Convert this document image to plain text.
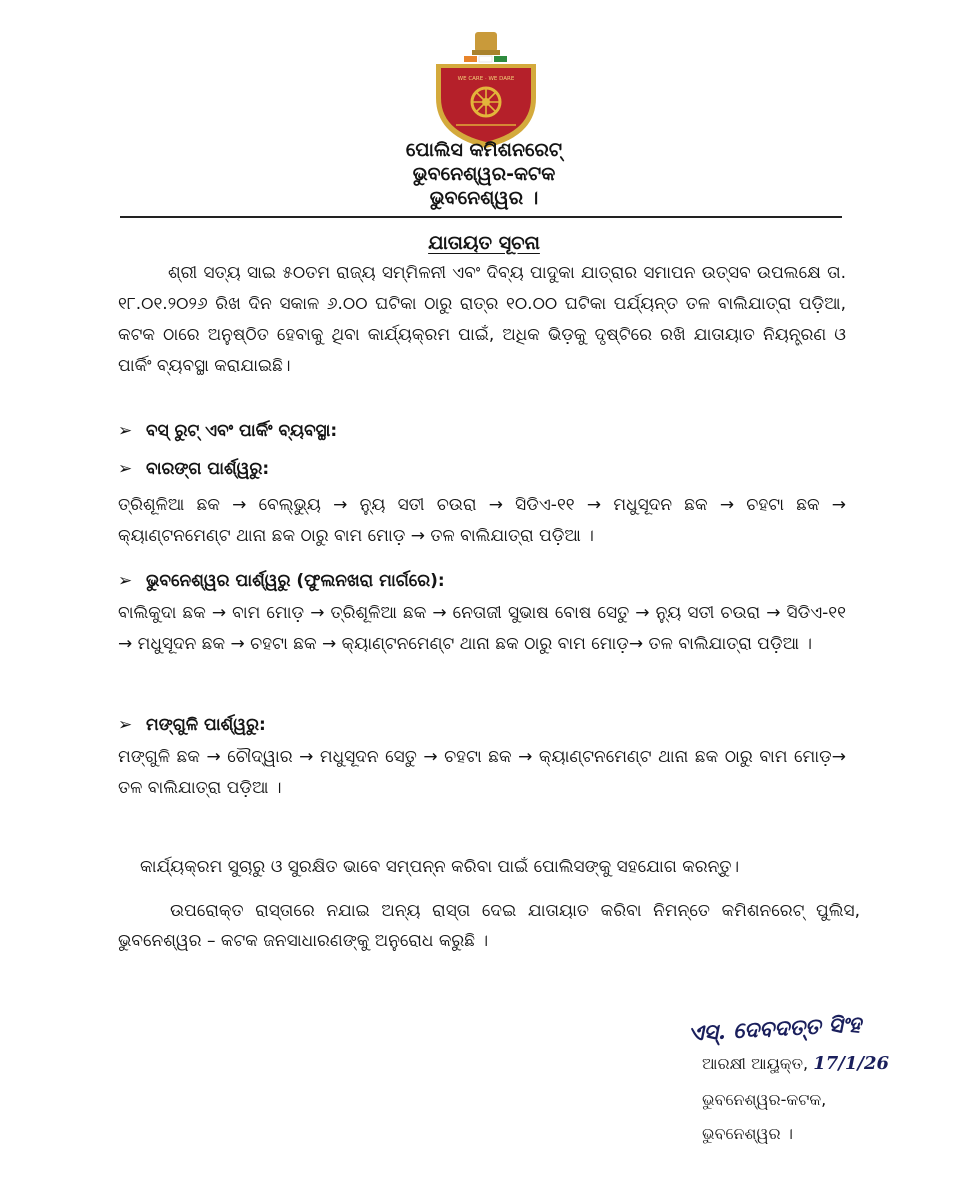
WE CARE · WE DARE
ପୋଲିସ କମିଶନରେଟ୍
ଭୁବନେଶ୍ୱର-କଟକ
ଭୁବନେଶ୍ୱର ।
ଯାତାୟତ ସୂଚନା

ଶ୍ରୀ ସତ୍ୟ ସାଇ ୫୦ତମ ରାଜ୍ୟ ସମ୍ମିଳନୀ ଏବଂ ଦିବ୍ୟ ପାଦୁକା ଯାତ୍ରାର ସମାପନ ଉତ୍ସବ ଉପଲକ୍ଷେ ତା. ୧୮.୦୧.୨୦୨୬ ରିଖ ଦିନ ସକାଳ ୬.୦୦ ଘଟିକା ଠାରୁ ରାତ୍ର ୧୦.୦୦ ଘଟିକା ପର୍ଯ୍ୟନ୍ତ ତଳ ବାଲିଯାତ୍ରା ପଡ଼ିଆ, କଟକ ଠାରେ ଅନୁଷ୍ଠିତ ହେବାକୁ ଥିବା କାର୍ଯ୍ୟକ୍ରମ ପାଇଁ, ଅଧିକ ଭିଡ଼କୁ ଦୃଷ୍ଟିରେ ରଖି ଯାତାୟାତ ନିୟନ୍ତ୍ରଣ ଓ ପାର୍କିଂ ବ୍ୟବସ୍ଥା କରାଯାଇଛି।

➢ ବସ୍ ରୁଟ୍ ଏବଂ ପାର୍କିଂ ବ୍ୟବସ୍ଥା:
➢ ବାରଙ୍ଗ ପାର୍ଶ୍ୱରୁ:

ତ୍ରିଶୂଳିଆ ଛକ → ବେଲ୍‌ଭ୍ୟୁ → ନ୍ୟୁ ସତୀ ଚଉରା → ସିଡିଏ-୧୧ → ମଧୁସୂଦନ ଛକ → ଚହଟା ଛକ → କ୍ୟାଣ୍ଟନମେଣ୍ଟ ଥାନା ଛକ ଠାରୁ ବାମ ମୋଡ଼ → ତଳ ବାଲିଯାତ୍ରା ପଡ଼ିଆ ।

➢ ଭୁବନେଶ୍ୱର ପାର୍ଶ୍ୱରୁ (ଫୁଲନଖରା ମାର୍ଗରେ):

ବାଲିକୁଦା ଛକ → ବାମ ମୋଡ଼ → ତ୍ରିଶୂଳିଆ ଛକ → ନେତାଜୀ ସୁଭାଷ ବୋଷ ସେତୁ → ନ୍ୟୁ ସତୀ ଚଉରା → ସିଡିଏ-୧୧ → ମଧୁସୂଦନ ଛକ → ଚହଟା ଛକ → କ୍ୟାଣ୍ଟନମେଣ୍ଟ ଥାନା ଛକ ଠାରୁ ବାମ ମୋଡ଼→ ତଳ ବାଲିଯାତ୍ରା ପଡ଼ିଆ ।

➢ ମଙ୍ଗୁଳି ପାର୍ଶ୍ୱରୁ:

ମଙ୍ଗୁଳି ଛକ → ଚୌଦ୍ୱାର → ମଧୁସୂଦନ ସେତୁ → ଚହଟା ଛକ → କ୍ୟାଣ୍ଟନମେଣ୍ଟ ଥାନା ଛକ ଠାରୁ ବାମ ମୋଡ଼→ ତଳ ବାଲିଯାତ୍ରା ପଡ଼ିଆ ।

କାର୍ଯ୍ୟକ୍ରମ ସୁଚାରୁ ଓ ସୁରକ୍ଷିତ ଭାବେ ସମ୍ପନ୍ନ କରିବା ପାଇଁ ପୋଲିସଙ୍କୁ ସହଯୋଗ କରନ୍ତୁ।

ଉପରୋକ୍ତ ରାସ୍ତାରେ ନଯାଇ ଅନ୍ୟ ରାସ୍ତା ଦେଇ ଯାତାୟାତ କରିବା ନିମନ୍ତେ କମିଶନରେଟ୍ ପୁଲିସ, ଭୁବନେଶ୍ୱର – କଟକ ଜନସାଧାରଣଙ୍କୁ ଅନୁରୋଧ କରୁଛି ।

ଏସ୍. ଦେବଦତ୍ତ ସିଂହ
ଆରକ୍ଷୀ ଆୟୁକ୍ତ, 17/1/26
ଭୁବନେଶ୍ୱର-କଟକ,
ଭୁବନେଶ୍ୱର ।
